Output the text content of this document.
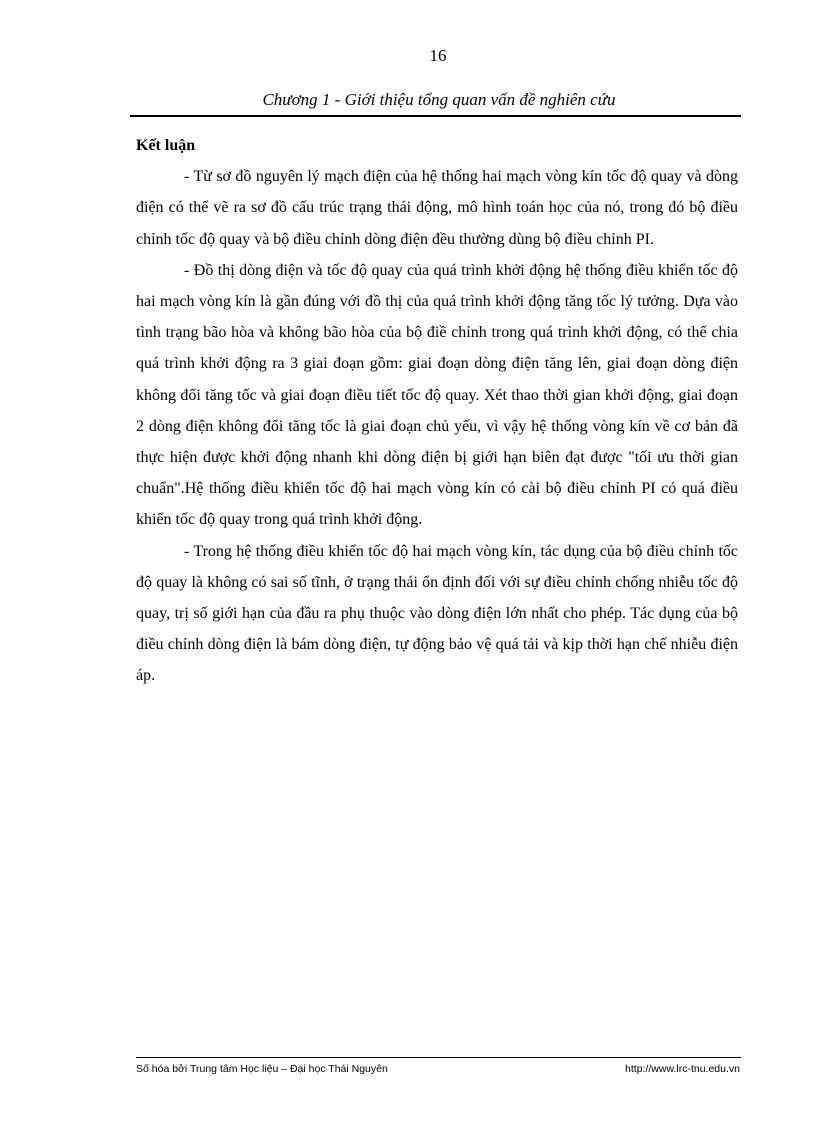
16
Chương 1 - Giới thiệu tổng quan vấn đề nghiên cứu

Kết luận

- Từ sơ đồ nguyên lý mạch điện của hệ thống hai mạch vòng kín tốc độ quay và dòng điện có thể vẽ ra sơ đồ cấu trúc trạng thái động, mô hình toán học của nó, trong đó bộ điều chỉnh tốc độ quay và bộ điều chỉnh dòng điện đều thường dùng bộ điều chỉnh PI.

- Đồ thị dòng điện và tốc độ quay của quá trình khởi động hệ thống điều khiển tốc độ hai mạch vòng kín là gần đúng với đồ thị của quá trình khởi động tăng tốc lý tưởng. Dựa vào tình trạng bão hòa và không bão hòa của bộ điề chỉnh trong quá trình khởi động, có thể chia quá trình khởi động ra 3 giai đoạn gồm: giai đoạn dòng điện tăng lên, giai đoạn dòng điện không đổi tăng tốc và giai đoạn điều tiết tốc độ quay. Xét thao thời gian khởi động, giai đoạn 2 dòng điện không đổi tăng tốc là giai đoạn chủ yếu, vì vậy hệ thống vòng kín về cơ bản đã thực hiện được khởi động nhanh khi dòng điện bị giới hạn biên đạt được "tối ưu thời gian chuẩn".Hệ thống điều khiển tốc độ hai mạch vòng kín có cài bộ điều chỉnh PI có quá điều khiển tốc độ quay trong quá trình khởi động.

- Trong hệ thống điều khiển tốc độ hai mạch vòng kín, tác dụng của bộ điều chỉnh tốc độ quay là không có sai số tĩnh, ở trạng thái ổn định đối với sự điều chỉnh chống nhiễu tốc độ quay, trị số giới hạn của đầu ra phụ thuộc vào dòng điện lớn nhất cho phép. Tác dụng của bộ điều chỉnh dòng điện là bám dòng điện, tự động bảo vệ quá tải và kịp thời hạn chế nhiễu điện áp.

Số hóa bởi Trung tâm Học liệu – Đại học Thái Nguyên	http://www.lrc-tnu.edu.vn
